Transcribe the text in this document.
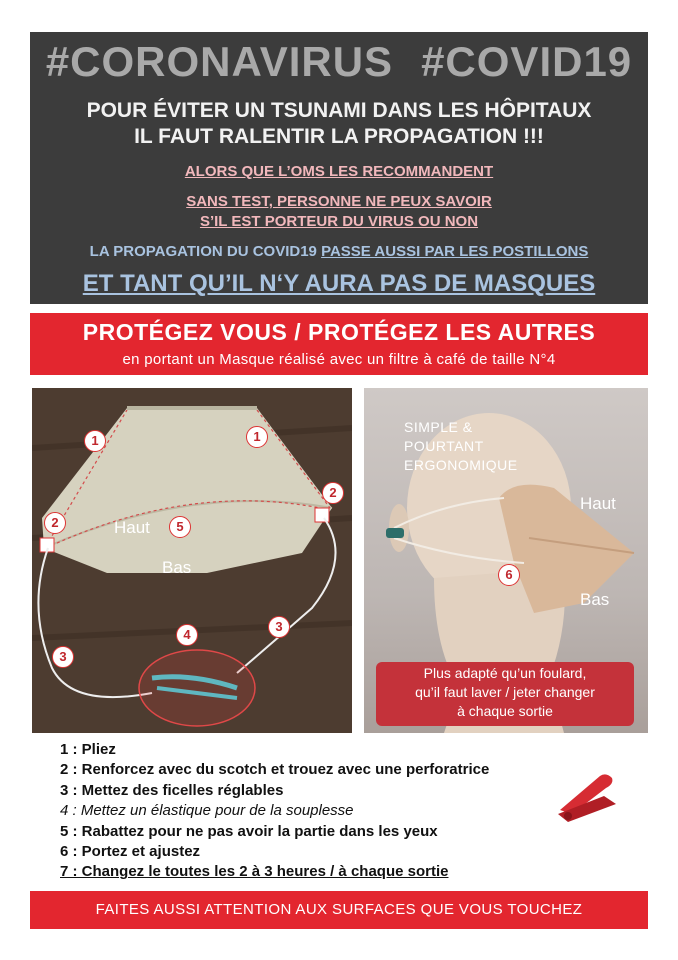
#CORONAVIRUS #COVID19
POUR ÉVITER UN TSUNAMI DANS LES HÔPITAUX
IL FAUT RALENTIR LA PROPAGATION !!!
ALORS QUE L’OMS LES RECOMMANDENT
SANS TEST, PERSONNE NE PEUX SAVOIR
S’IL EST PORTEUR DU VIRUS OU NON
LA PROPAGATION DU COVID19 PASSE AUSSI PAR LES POSTILLONS
ET TANT QU’IL N‘Y AURA PAS DE MASQUES
PROTÉGEZ VOUS / PROTÉGEZ LES AUTRES
en portant un Masque réalisé avec un filtre à café de taille N°4
1	1
2
2
5
3
3
4
Haut
Bas
SIMPLE &
POURTANT
ERGONOMIQUE
Haut
Bas
6
Plus adapté qu’un foulard,
qu’il faut laver / jeter changer
à chaque sortie
1 : Pliez
2 : Renforcez avec du scotch et trouez avec une perforatrice
3 : Mettez des ficelles réglables
4 : Mettez un élastique pour de la souplesse
5 : Rabattez pour ne pas avoir la partie dans les yeux
6 : Portez et ajustez
7 : Changez le toutes les 2 à 3 heures / à chaque sortie
FAITES AUSSI ATTENTION AUX SURFACES QUE VOUS TOUCHEZ
